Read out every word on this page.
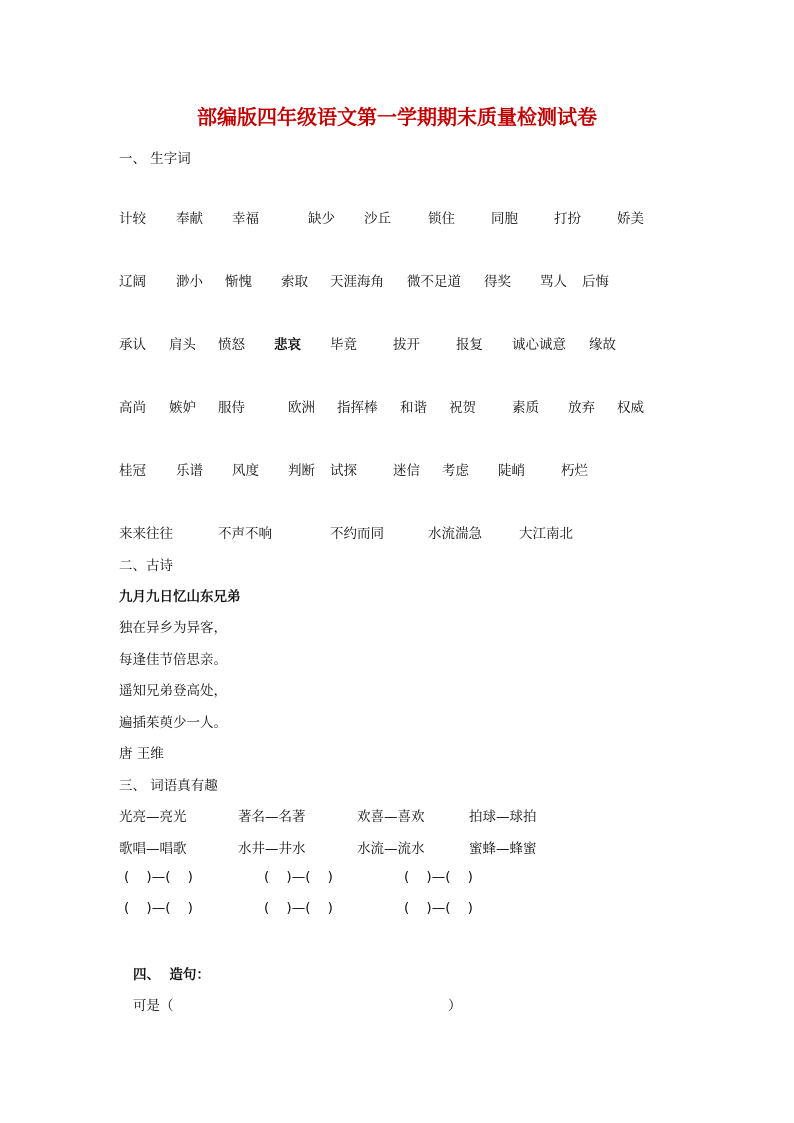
部编版四年级语文第一学期期末质量检测试卷
一、 生字词
计较 奉献 幸福	缺少 沙丘	锁住	同胞	打扮	娇美
辽阔 渺小 惭愧 索取 天涯海角 微不足道 得奖 骂人 后悔
承认 肩头 愤怒 悲哀 毕竟	拔开	报复 诚心诚意 缘故
高尚 嫉妒 服侍	欧洲 指挥棒 和谐 祝贺	素质 放弃 权威
桂冠 乐谱 风度 判断 试探	迷信 考虑 陡峭	朽烂
来来往往	不声不响	不约而同	水流湍急	大江南北
二、古诗
九月九日忆山东兄弟
独在异乡为异客，
每逢佳节倍思亲。
遥知兄弟登高处，
遍插茱萸少一人。
唐 王维
三、 词语真有趣
光亮—亮光	著名—名著	欢喜—喜欢	拍球—球拍
歌唱—唱歌	水井—井水	水流—流水	蜜蜂—蜂蜜
(    )—(    )	(    )—(    )	(    )—(    )
(    )—(    )	(    )—(    )	(    )—(    )
四、  造句：
可是（	）
